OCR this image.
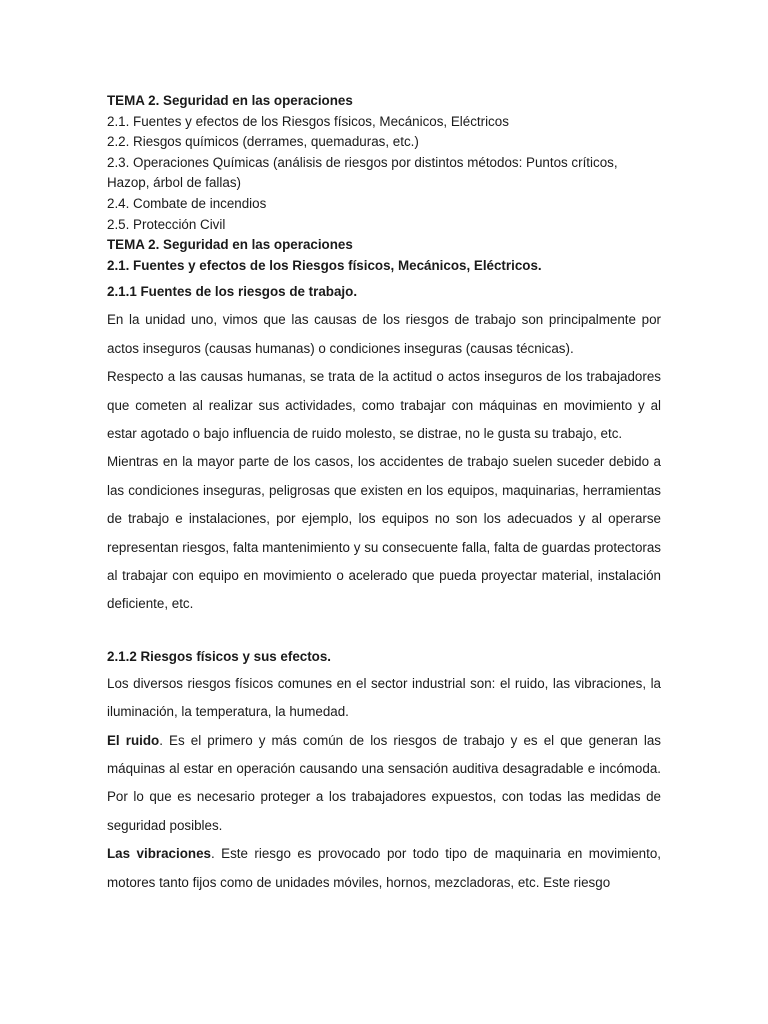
TEMA 2. Seguridad en las operaciones

2.1. Fuentes y efectos de los Riesgos físicos, Mecánicos, Eléctricos

2.2. Riesgos químicos (derrames, quemaduras, etc.)

2.3. Operaciones Químicas (análisis de riesgos por distintos métodos: Puntos críticos, Hazop, árbol de fallas)

2.4. Combate de incendios

2.5. Protección Civil

TEMA 2. Seguridad en las operaciones

2.1. Fuentes y efectos de los Riesgos físicos, Mecánicos, Eléctricos.

2.1.1 Fuentes de los riesgos de trabajo.

En la unidad uno, vimos que las causas de los riesgos de trabajo son principalmente por actos inseguros (causas humanas) o condiciones inseguras (causas técnicas).

Respecto a las causas humanas, se trata de la actitud o actos inseguros de los trabajadores que cometen al realizar sus actividades, como trabajar con máquinas en movimiento y al estar agotado o bajo influencia de ruido molesto, se distrae, no le gusta su trabajo, etc.

Mientras en la mayor parte de los casos, los accidentes de trabajo suelen suceder debido a las condiciones inseguras, peligrosas que existen en los equipos, maquinarias, herramientas de trabajo e instalaciones, por ejemplo, los equipos no son los adecuados y al operarse representan riesgos, falta mantenimiento y su consecuente falla, falta de guardas protectoras al trabajar con equipo en movimiento o acelerado que pueda proyectar material, instalación deficiente, etc.

2.1.2 Riesgos físicos y sus efectos.

Los diversos riesgos físicos comunes en el sector industrial son: el ruido, las vibraciones, la iluminación, la temperatura, la humedad.

El ruido. Es el primero y más común de los riesgos de trabajo y es el que generan las máquinas al estar en operación causando una sensación auditiva desagradable e incómoda. Por lo que es necesario proteger a los trabajadores expuestos, con todas las medidas de seguridad posibles.

Las vibraciones. Este riesgo es provocado por todo tipo de maquinaria en movimiento, motores tanto fijos como de unidades móviles, hornos, mezcladoras, etc. Este riesgo
